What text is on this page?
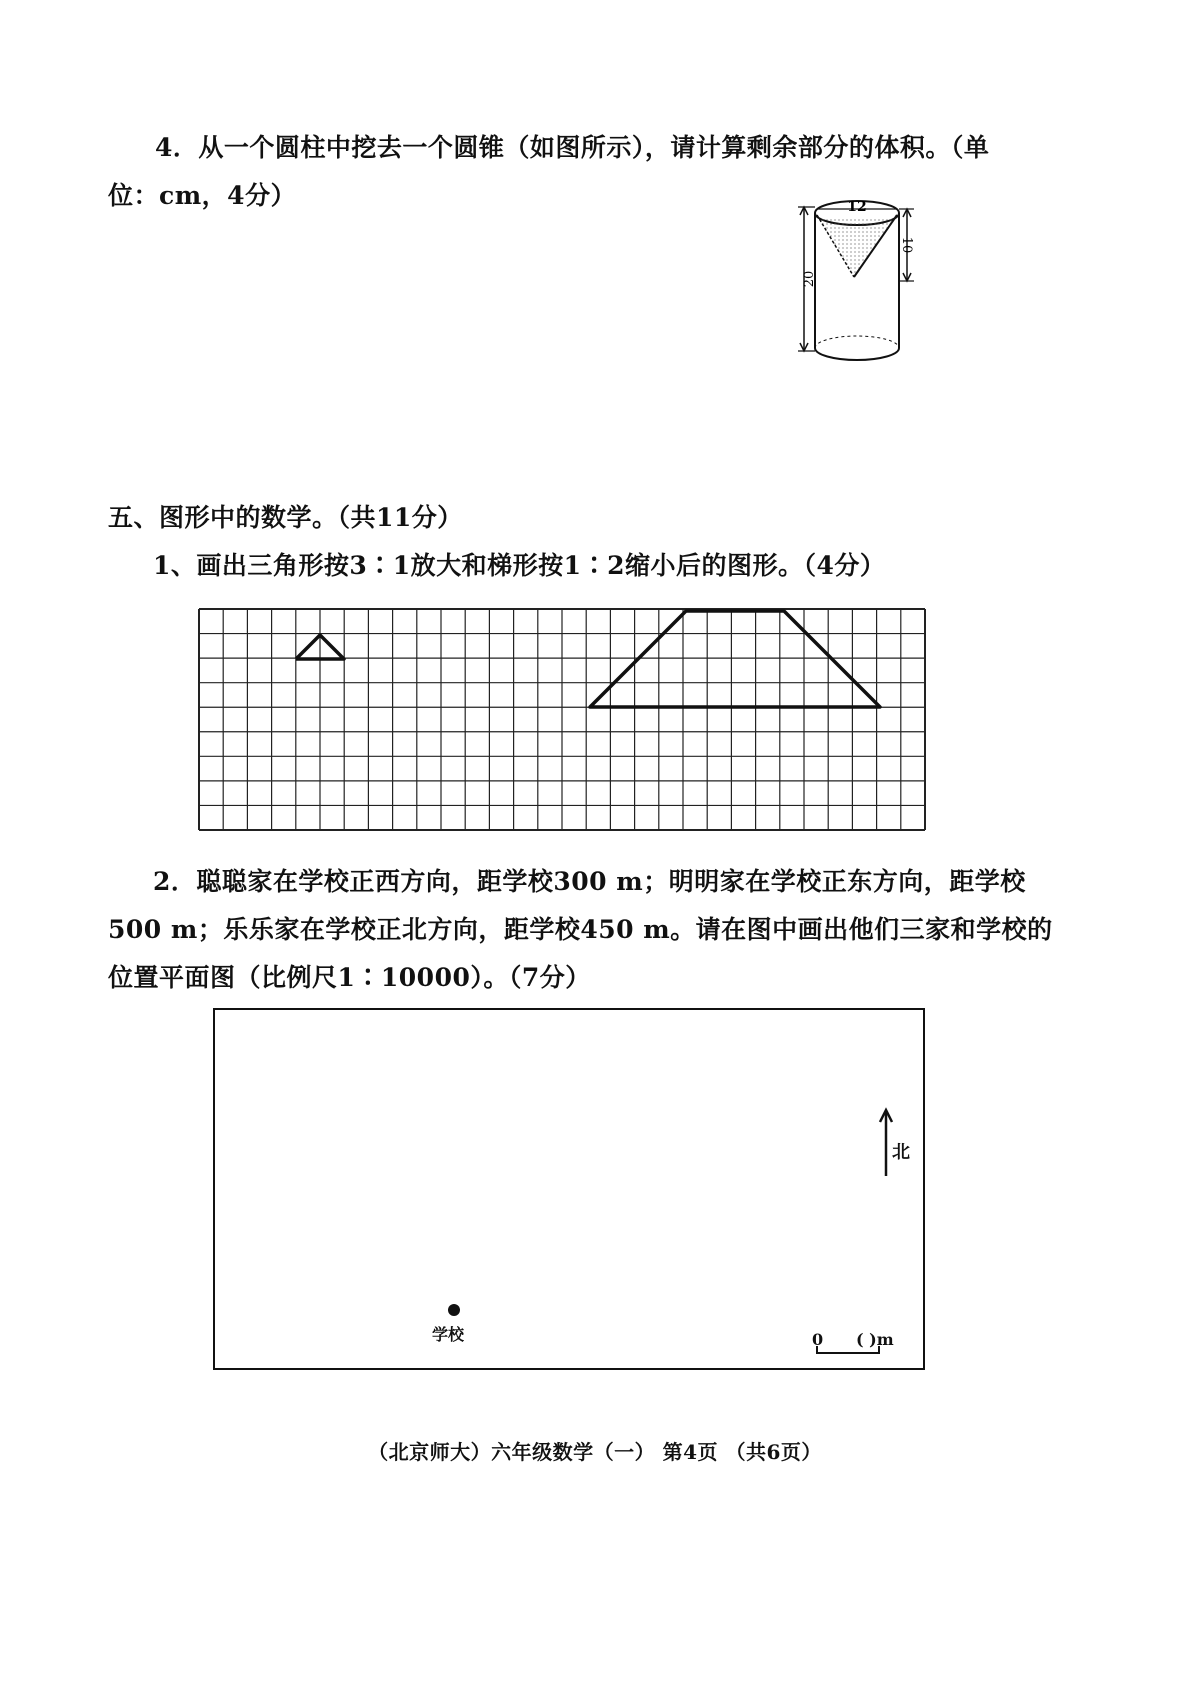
4．从一个圆柱中挖去一个圆锥（如图所示），请计算剩余部分的体积。（单
位：cm，4分）
20
10
12
五、图形中的数学。（共11分）
1、画出三角形按3∶1放大和梯形按1∶2缩小后的图形。（4分）
2．聪聪家在学校正西方向，距学校300 m；明明家在学校正东方向，距学校
500 m；乐乐家在学校正北方向，距学校450 m。请在图中画出他们三家和学校的
位置平面图（比例尺1∶10000）。（7分）
北
学校	0 ( )m
（北京师大）六年级数学（一） 第4页 （共6页）
